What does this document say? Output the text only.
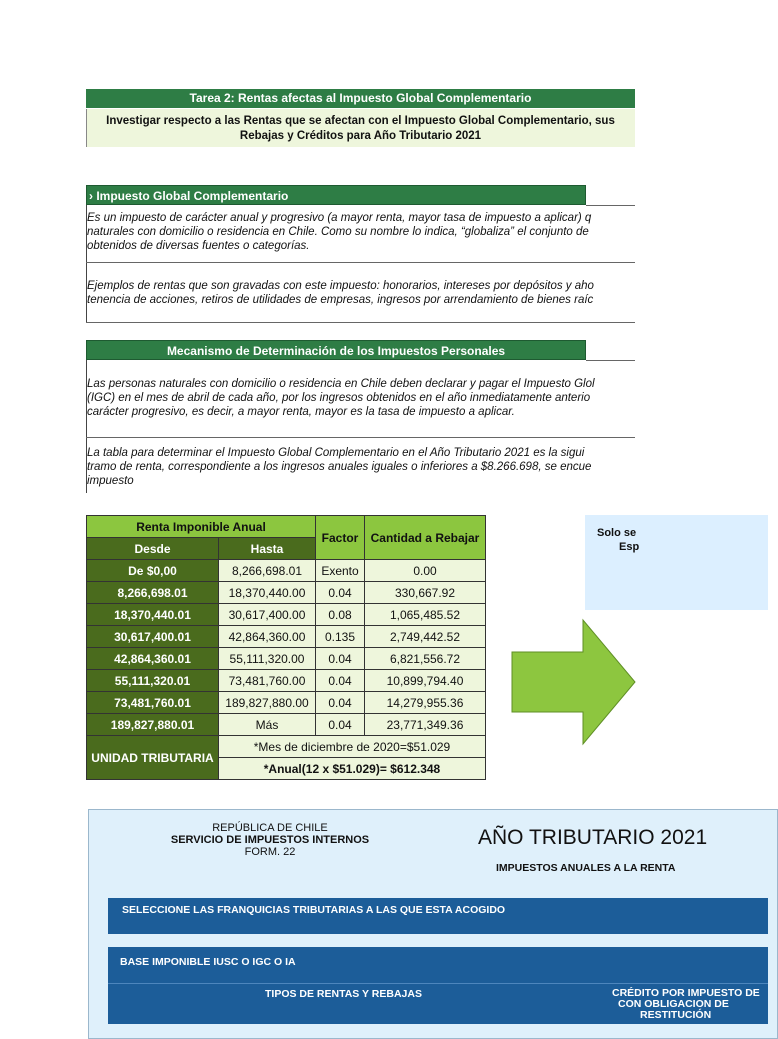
Tarea 2: Rentas afectas al Impuesto Global Complementario
Investigar respecto a las Rentas que se afectan con el Impuesto Global Complementario, sus
Rebajas y Créditos para Año Tributario 2021
› Impuesto Global Complementario
Es un impuesto de carácter anual y progresivo (a mayor renta, mayor tasa de impuesto a aplicar) q
naturales con domicilio o residencia en Chile. Como su nombre lo indica, “globaliza” el conjunto de
obtenidos de diversas fuentes o categorías.
Ejemplos de rentas que son gravadas con este impuesto: honorarios, intereses por depósitos y aho
tenencia de acciones, retiros de utilidades de empresas, ingresos por arrendamiento de bienes raíc
Mecanismo de Determinación de los Impuestos Personales
Las personas naturales con domicilio o residencia en Chile deben declarar y pagar el Impuesto Glol
(IGC) en el mes de abril de cada año, por los ingresos obtenidos en el año inmediatamente anterio
carácter progresivo, es decir, a mayor renta, mayor es la tasa de impuesto a aplicar.
La tabla para determinar el Impuesto Global Complementario en el Año Tributario 2021 es la sigui
tramo de renta, correspondiente a los ingresos anuales iguales o inferiores a $8.266.698, se encue
impuesto
Renta Imponible Anual		Factor	Cantidad a Rebajar
Desde	Hasta		
De $0,00	8,266,698.01	Exento	0.00
8,266,698.01	18,370,440.00	0.04	330,667.92
18,370,440.01	30,617,400.00	0.08	1,065,485.52
30,617,400.01	42,864,360.00	0.135	2,749,442.52
42,864,360.01	55,111,320.00	0.04	6,821,556.72
55,111,320.01	73,481,760.00	0.04	10,899,794.40
73,481,760.01	189,827,880.00	0.04	14,279,955.36
189,827,880.01	Más	0.04	23,771,349.36
UNIDAD TRIBUTARIA	*Mes de diciembre de 2020=$51.029		
	*Anual(12 x $51.029)= $612.348		
Solo se
Esp
REPÚBLICA DE CHILE
SERVICIO DE IMPUESTOS INTERNOS
FORM. 22
AÑO TRIBUTARIO 2021
IMPUESTOS ANUALES A LA RENTA
SELECCIONE LAS FRANQUICIAS TRIBUTARIAS A LAS QUE ESTA ACOGIDO
BASE IMPONIBLE IUSC O IGC O IA
TIPOS DE RENTAS Y REBAJAS	CRÉDITO POR IMPUESTO DE
CON OBLIGACION DE
RESTITUCIÓN
